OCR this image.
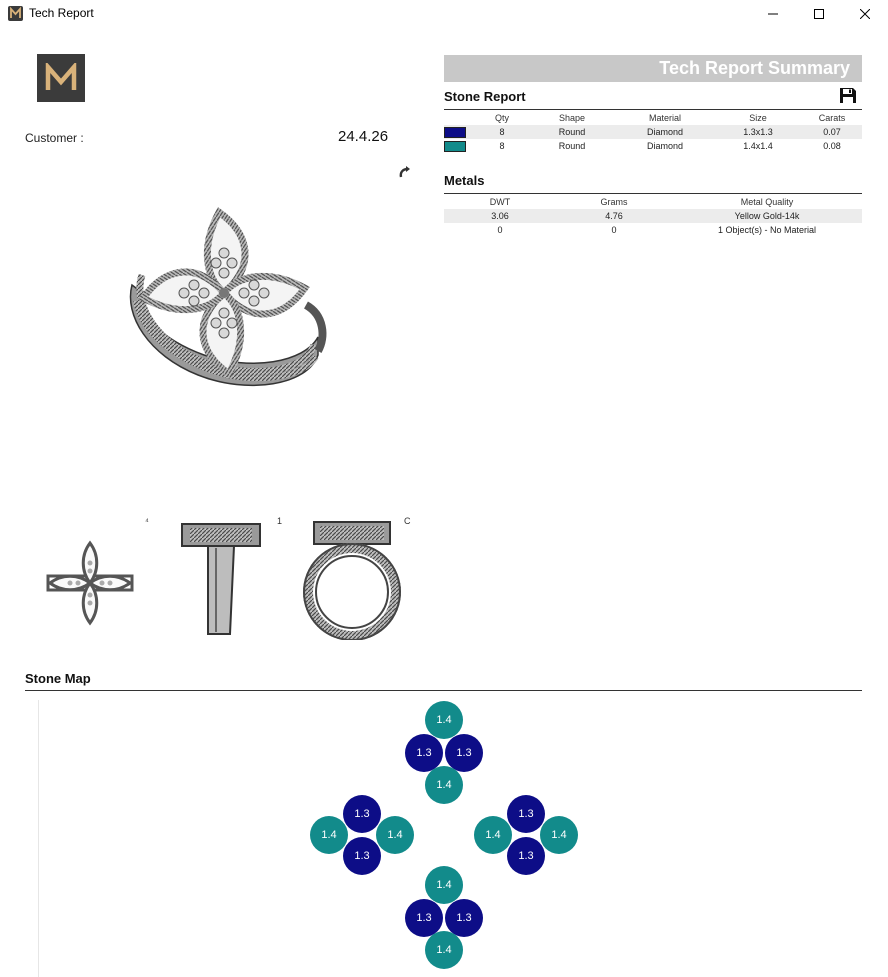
Tech Report
Customer :	24.4.26
⁴	1	C
Tech Report Summary
Stone Report
	Qty	Shape	Material	Size	Carats
	8	Round	Diamond	1.3x1.3	0.07
	8	Round	Diamond	1.4x1.4	0.08
Metals
DWT	Grams	Metal Quality
3.06	4.76	Yellow Gold-14k
0	0	1 Object(s) - No Material
Stone Map
1.4
1.3	1.3
1.4
1.3
1.4	1.4
1.3
1.3
1.4	1.4
1.3
1.4
1.3	1.3
1.4
